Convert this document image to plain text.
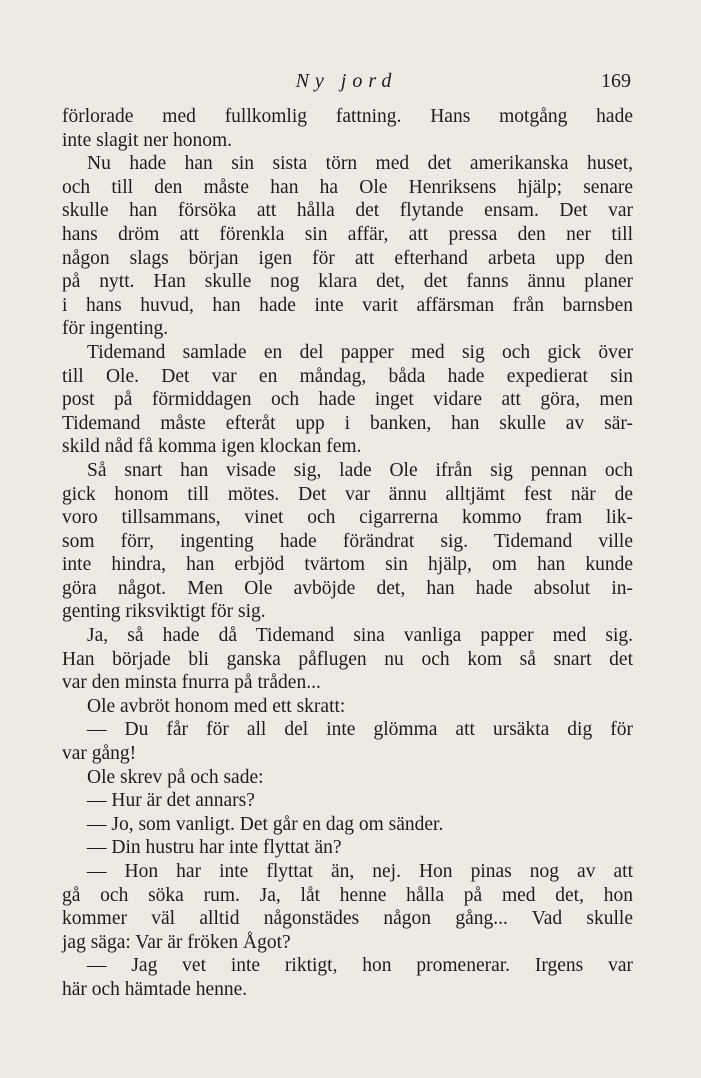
Ny jord	169
förlorade med fullkomlig fattning. Hans motgång hade
inte slagit ner honom.
Nu hade han sin sista törn med det amerikanska huset,
och till den måste han ha Ole Henriksens hjälp; senare
skulle han försöka att hålla det flytande ensam. Det var
hans dröm att förenkla sin affär, att pressa den ner till
någon slags början igen för att efterhand arbeta upp den
på nytt. Han skulle nog klara det, det fanns ännu planer
i hans huvud, han hade inte varit affärsman från barnsben
för ingenting.
Tidemand samlade en del papper med sig och gick över
till Ole. Det var en måndag, båda hade expedierat sin
post på förmiddagen och hade inget vidare att göra, men
Tidemand måste efteråt upp i banken, han skulle av sär-
skild nåd få komma igen klockan fem.
Så snart han visade sig, lade Ole ifrån sig pennan och
gick honom till mötes. Det var ännu alltjämt fest när de
voro tillsammans, vinet och cigarrerna kommo fram lik-
som förr, ingenting hade förändrat sig. Tidemand ville
inte hindra, han erbjöd tvärtom sin hjälp, om han kunde
göra något. Men Ole avböjde det, han hade absolut in-
genting riksviktigt för sig.
Ja, så hade då Tidemand sina vanliga papper med sig.
Han började bli ganska påflugen nu och kom så snart det
var den minsta fnurra på tråden...
Ole avbröt honom med ett skratt:
— Du får för all del inte glömma att ursäkta dig för
var gång!
Ole skrev på och sade:
— Hur är det annars?
— Jo, som vanligt. Det går en dag om sänder.
— Din hustru har inte flyttat än?
— Hon har inte flyttat än, nej. Hon pinas nog av att
gå och söka rum. Ja, låt henne hålla på med det, hon
kommer väl alltid någonstädes någon gång... Vad skulle
jag säga: Var är fröken Ågot?
— Jag vet inte riktigt, hon promenerar. Irgens var
här och hämtade henne.
